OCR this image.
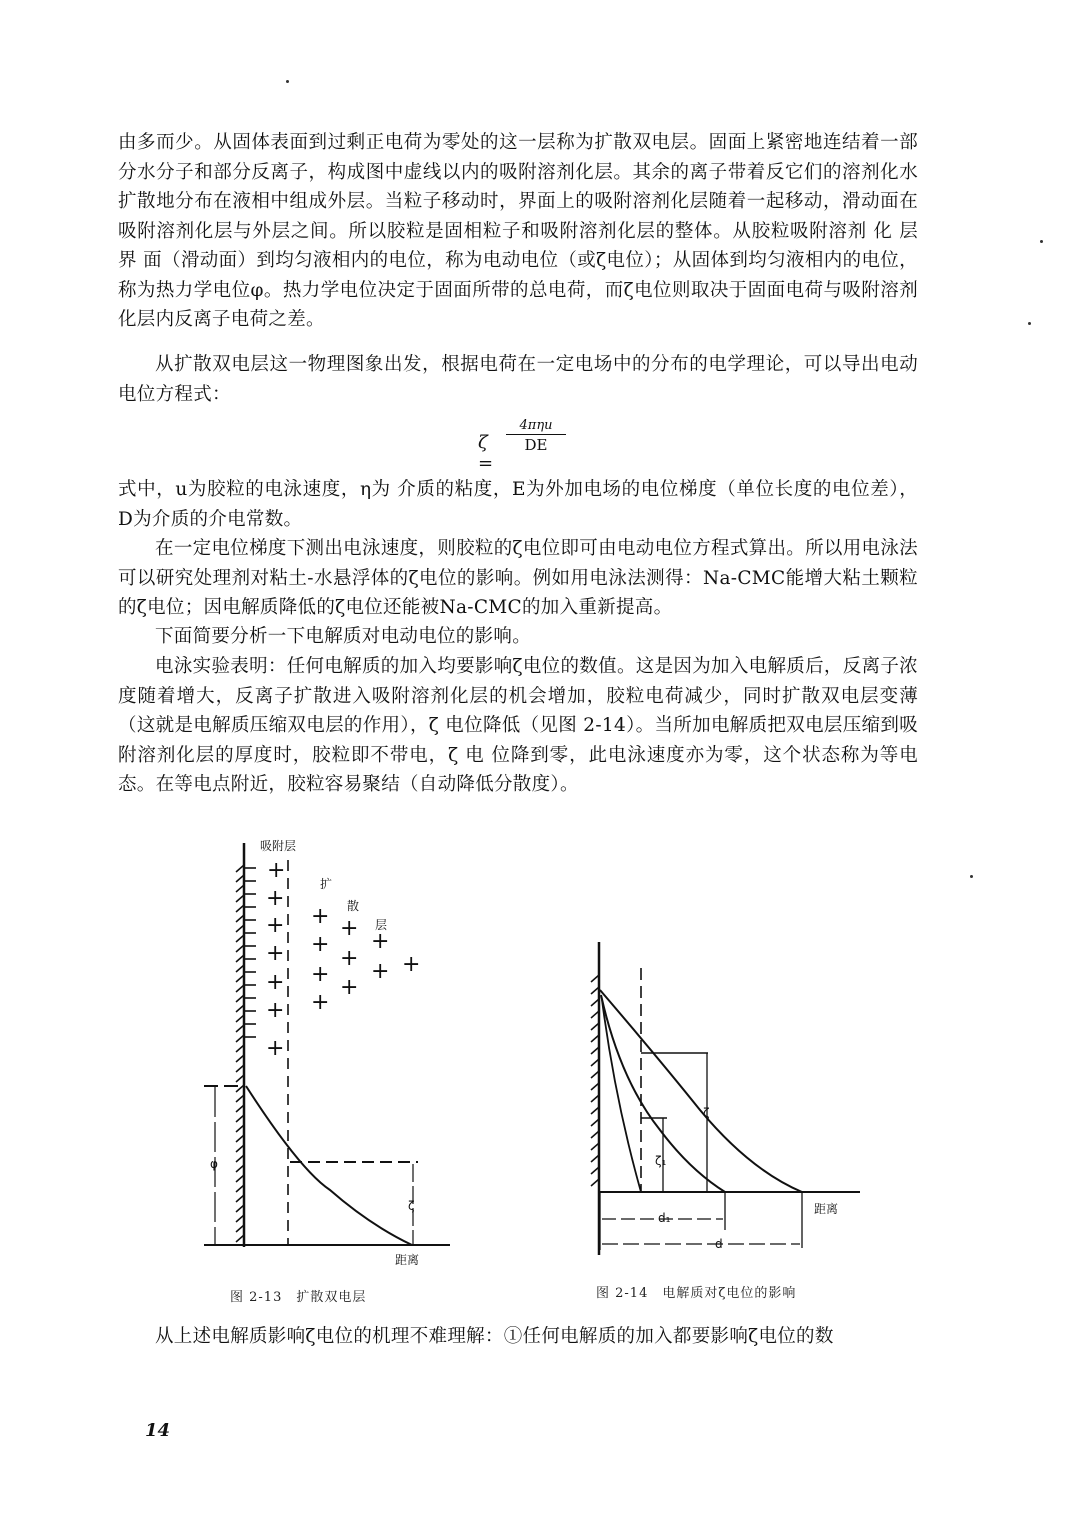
由多而少。从固体表面到过剩正电荷为零处的这一层称为扩散双电层。固面上紧密地连结着一部分水分子和部分反离子，构成图中虚线以内的吸附溶剂化层。其余的离子带着反它们的溶剂化水扩散地分布在液相中组成外层。当粒子移动时，界面上的吸附溶剂化层随着一起移动，滑动面在吸附溶剂化层与外层之间。所以胶粒是固相粒子和吸附溶剂化层的整体。从胶粒吸附溶剂 化 层 界 面（滑动面）到均匀液相内的电位，称为电动电位（或ζ电位）；从固体到均匀液相内的电位，称为热力学电位φ。热力学电位决定于固面所带的总电荷，而ζ电位则取决于固面电荷与吸附溶剂化层内反离子电荷之差。
从扩散双电层这一物理图象出发，根据电荷在一定电场中的分布的电学理论，可以导出电动电位方程式：
ζ =
4πηu
DE
式中，u为胶粒的电泳速度，η为 介质的粘度，E为外加电场的电位梯度（单位长度的电位差），D为介质的介电常数。
在一定电位梯度下测出电泳速度，则胶粒的ζ电位即可由电动电位方程式算出。所以用电泳法可以研究处理剂对粘土-水悬浮体的ζ电位的影响。例如用电泳法测得：Na-CMC能增大粘土颗粒的ζ电位；因电解质降低的ζ电位还能被Na-CMC的加入重新提高。
下面简要分析一下电解质对电动电位的影响。
电泳实验表明：任何电解质的加入均要影响ζ电位的数值。这是因为加入电解质后，反离子浓度随着增大，反离子扩散进入吸附溶剂化层的机会增加，胶粒电荷减少，同时扩散双电层变薄（这就是电解质压缩双电层的作用），ζ 电位降低（见图 2-14）。当所加电解质把双电层压缩到吸附溶剂化层的厚度时，胶粒即不带电，ζ 电 位降到零，此电泳速度亦为零，这个状态称为等电态。在等电点附近，胶粒容易聚结（自动降低分散度）。
+
+
+
+
+
+
+
+
+
+
+
+
+
+
+
+ +
吸附层
扩
散
层
φ
ζ
距离
ζ
ζ₁
d₁
d
距离
图 2-13　扩散双电层	图 2-14　电解质对ζ电位的影响
从上述电解质影响ζ电位的机理不难理解：①任何电解质的加入都要影响ζ电位的数
14
